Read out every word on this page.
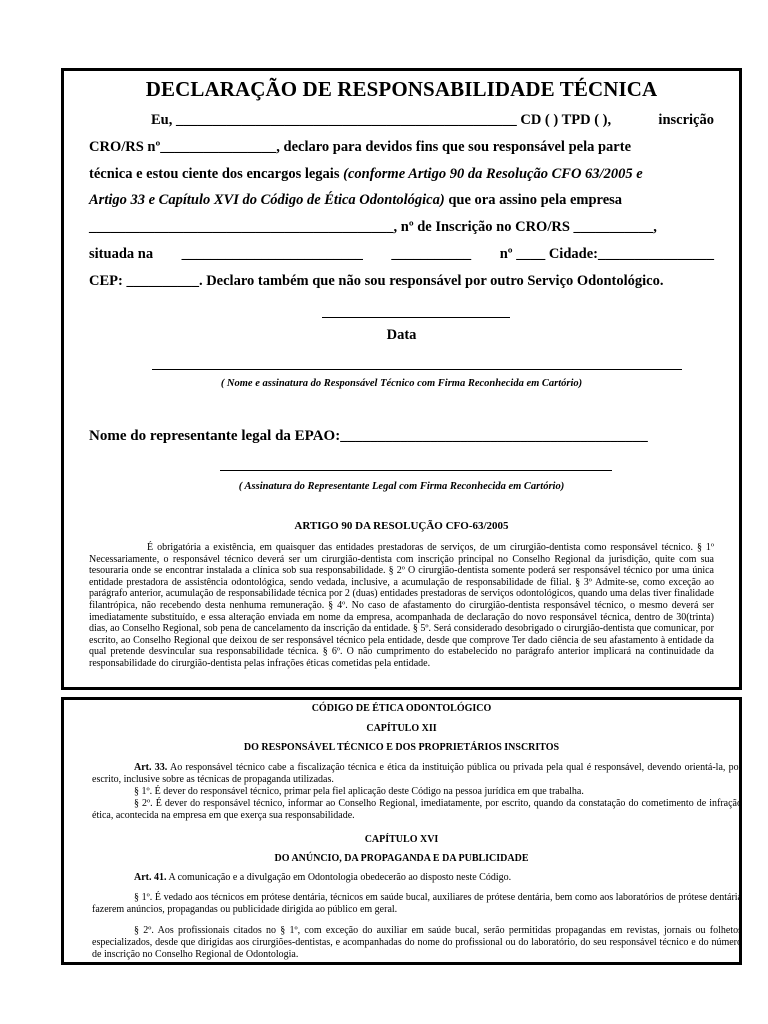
DECLARAÇÃO DE RESPONSABILIDADE TÉCNICA
Eu, _______________________________________________ CD ( ) TPD ( ),	inscrição
CRO/RS nº________________, declaro para devidos fins que sou responsável pela parte
técnica e estou ciente dos encargos legais (conforme Artigo 90 da Resolução CFO 63/2005 e
Artigo 33 e Capítulo XVI do Código de Ética Odontológica) que ora assino pela empresa
__________________________________________, nº de Inscrição no CRO/RS ___________,
situada na _________________________ ___________ nº ____ Cidade:________________
CEP: __________. Declaro também que não sou responsável por outro Serviço Odontológico.
Data
( Nome e assinatura do Responsável Técnico com Firma Reconhecida em Cartório)
Nome do representante legal da EPAO:_________________________________________
( Assinatura do Representante Legal com Firma Reconhecida em Cartório)
ARTIGO 90 DA RESOLUÇÃO CFO-63/2005
É obrigatória a existência, em quaisquer das entidades prestadoras de serviços, de um cirurgião-dentista como responsável técnico. § 1º Necessariamente, o responsável técnico deverá ser um cirurgião-dentista com inscrição principal no Conselho Regional da jurisdição, quite com sua tesouraria onde se encontrar instalada a clínica sob sua responsabilidade. § 2º O cirurgião-dentista somente poderá ser responsável técnico por uma única entidade prestadora de assistência odontológica, sendo vedada, inclusive, a acumulação de responsabilidade de filial. § 3º Admite-se, como exceção ao parágrafo anterior, acumulação de responsabilidade técnica por 2 (duas) entidades prestadoras de serviços odontológicos, quando uma delas tiver finalidade filantrópica, não recebendo desta nenhuma remuneração. § 4º. No caso de afastamento do cirurgião-dentista responsável técnico, o mesmo deverá ser imediatamente substituído, e essa alteração enviada em nome da empresa, acompanhada de declaração do novo responsável técnica, dentro de 30(trinta) dias, ao Conselho Regional, sob pena de cancelamento da inscrição da entidade. § 5º. Será considerado desobrigado o cirurgião-dentista que comunicar, por escrito, ao Conselho Regional que deixou de ser responsável técnico pela entidade, desde que comprove Ter dado ciência de seu afastamento à entidade da qual pretende desvincular sua responsabilidade técnica. § 6º. O não cumprimento do estabelecido no parágrafo anterior implicará na continuidade da responsabilidade do cirurgião-dentista pelas infrações éticas cometidas pela entidade.
CÓDIGO DE ÉTICA ODONTOLÓGICO
CAPÍTULO XII
DO RESPONSÁVEL TÉCNICO E DOS PROPRIETÁRIOS INSCRITOS
Art. 33. Ao responsável técnico cabe a fiscalização técnica e ética da instituição pública ou privada pela qual é responsável, devendo orientá-la, por escrito, inclusive sobre as técnicas de propaganda utilizadas.
§ 1º. É dever do responsável técnico, primar pela fiel aplicação deste Código na pessoa jurídica em que trabalha.
§ 2º. É dever do responsável técnico, informar ao Conselho Regional, imediatamente, por escrito, quando da constatação do cometimento de infração ética, acontecida na empresa em que exerça sua responsabilidade.
CAPÍTULO XVI
DO ANÚNCIO, DA PROPAGANDA E DA PUBLICIDADE
Art. 41. A comunicação e a divulgação em Odontologia obedecerão ao disposto neste Código.
§ 1º. É vedado aos técnicos em prótese dentária, técnicos em saúde bucal, auxiliares de prótese dentária, bem como aos laboratórios de prótese dentária fazerem anúncios, propagandas ou publicidade dirigida ao público em geral.
§ 2º. Aos profissionais citados no § 1º, com exceção do auxiliar em saúde bucal, serão permitidas propagandas em revistas, jornais ou folhetos especializados, desde que dirigidas aos cirurgiões-dentistas, e acompanhadas do nome do profissional ou do laboratório, do seu responsável técnico e do número de inscrição no Conselho Regional de Odontologia.
